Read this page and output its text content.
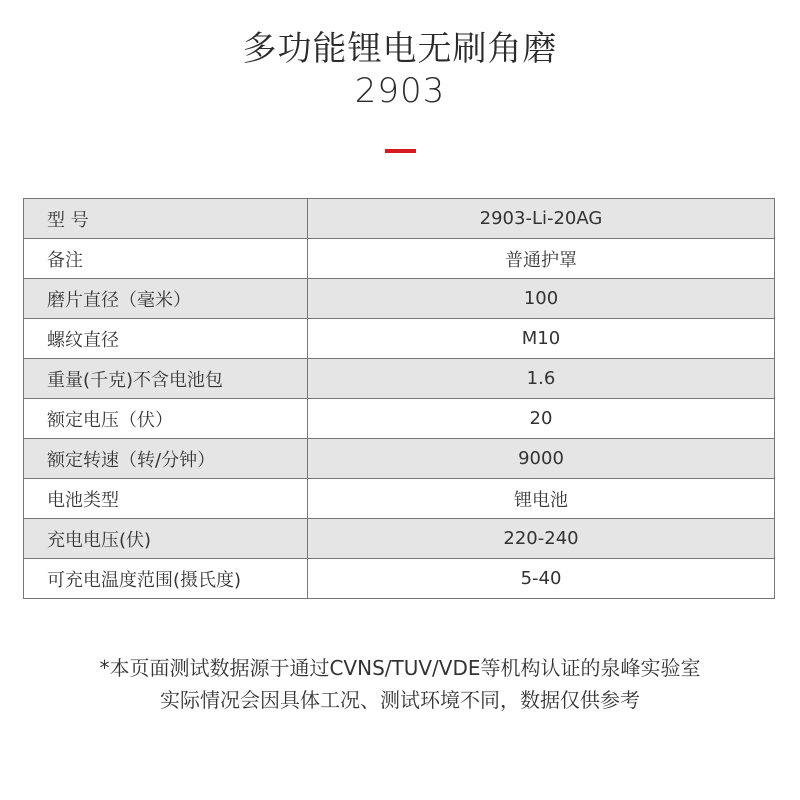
多功能锂电无刷角磨
2903
型 号	2903-Li-20AG
备注	普通护罩
磨片直径（毫米）	100
螺纹直径	M10
重量(千克)不含电池包	1.6
额定电压（伏）	20
额定转速（转/分钟）	9000
电池类型	锂电池
充电电压(伏)	220-240
可充电温度范围(摄氏度)	5-40
*本页面测试数据源于通过CVNS/TUV/VDE等机构认证的泉峰实验室
实际情况会因具体工况、测试环境不同，数据仅供参考
